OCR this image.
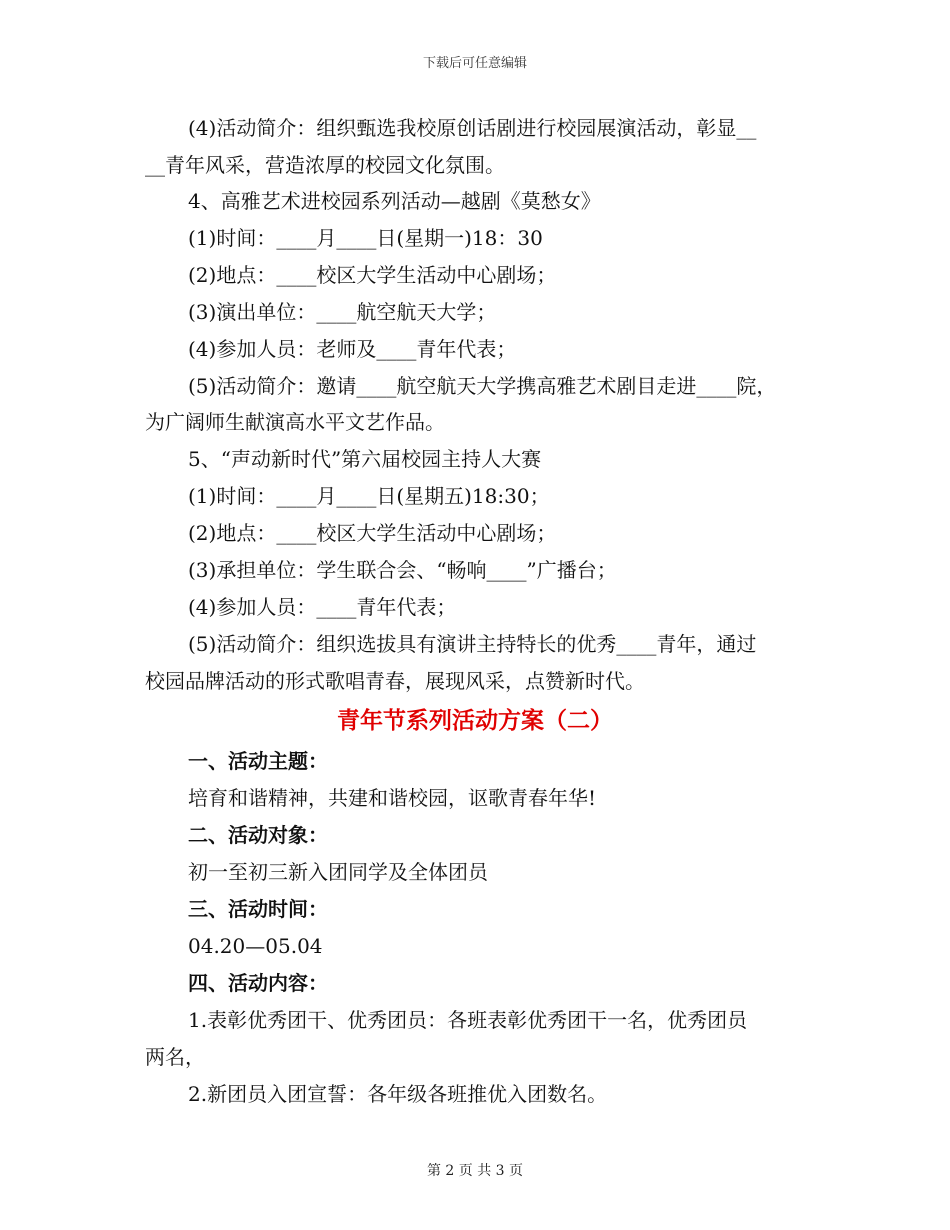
下载后可任意编辑
(4)活动简介：组织甄选我校原创话剧进行校园展演活动，彰显__
__青年风采，营造浓厚的校园文化氛围。
4、高雅艺术进校园系列活动—越剧《莫愁女》
(1)时间：____月____日(星期一)18：30
(2)地点：____校区大学生活动中心剧场；
(3)演出单位：____航空航天大学；
(4)参加人员：老师及____青年代表；
(5)活动简介：邀请____航空航天大学携高雅艺术剧目走进____院，
为广阔师生献演高水平文艺作品。
5、“声动新时代”第六届校园主持人大赛
(1)时间：____月____日(星期五)18:30；
(2)地点：____校区大学生活动中心剧场；
(3)承担单位：学生联合会、“畅响____”广播台；
(4)参加人员：____青年代表；
(5)活动简介：组织选拔具有演讲主持特长的优秀____青年，通过
校园品牌活动的形式歌唱青春，展现风采，点赞新时代。
青年节系列活动方案（二）
一、活动主题：
培育和谐精神，共建和谐校园，讴歌青春年华!
二、活动对象：
初一至初三新入团同学及全体团员
三、活动时间：
04.20—05.04
四、活动内容：
1.表彰优秀团干、优秀团员：各班表彰优秀团干一名，优秀团员
两名，
2.新团员入团宣誓：各年级各班推优入团数名。
第 2 页 共 3 页
